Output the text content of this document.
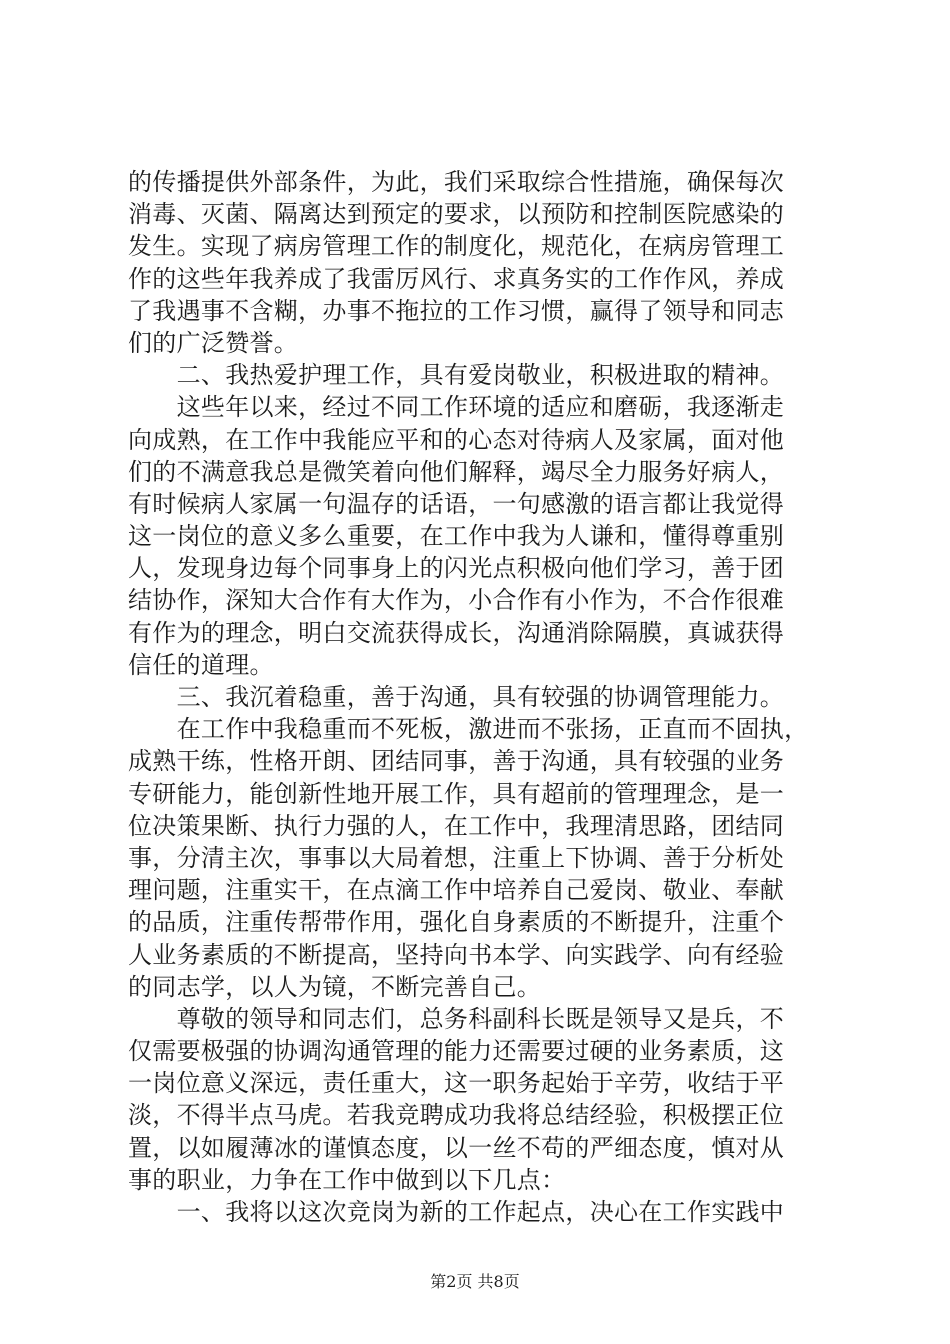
的传播提供外部条件，为此，我们采取综合性措施，确保每次
消毒、灭菌、隔离达到预定的要求，以预防和控制医院感染的
发生。实现了病房管理工作的制度化，规范化，在病房管理工
作的这些年我养成了我雷厉风行、求真务实的工作作风，养成
了我遇事不含糊，办事不拖拉的工作习惯，赢得了领导和同志
们的广泛赞誉。
　　二、我热爱护理工作，具有爱岗敬业，积极进取的精神。
　　这些年以来，经过不同工作环境的适应和磨砺，我逐渐走
向成熟，在工作中我能应平和的心态对待病人及家属，面对他
们的不满意我总是微笑着向他们解释，竭尽全力服务好病人，
有时候病人家属一句温存的话语，一句感激的语言都让我觉得
这一岗位的意义多么重要，在工作中我为人谦和，懂得尊重别
人，发现身边每个同事身上的闪光点积极向他们学习，善于团
结协作，深知大合作有大作为，小合作有小作为，不合作很难
有作为的理念，明白交流获得成长，沟通消除隔膜，真诚获得
信任的道理。
　　三、我沉着稳重，善于沟通，具有较强的协调管理能力。
　　在工作中我稳重而不死板，激进而不张扬，正直而不固执，
成熟干练，性格开朗、团结同事，善于沟通，具有较强的业务
专研能力，能创新性地开展工作，具有超前的管理理念，是一
位决策果断、执行力强的人，在工作中，我理清思路，团结同
事，分清主次，事事以大局着想，注重上下协调、善于分析处
理问题，注重实干，在点滴工作中培养自己爱岗、敬业、奉献
的品质，注重传帮带作用，强化自身素质的不断提升，注重个
人业务素质的不断提高，坚持向书本学、向实践学、向有经验
的同志学，以人为镜，不断完善自己。
　　尊敬的领导和同志们，总务科副科长既是领导又是兵，不
仅需要极强的协调沟通管理的能力还需要过硬的业务素质，这
一岗位意义深远，责任重大，这一职务起始于辛劳，收结于平
淡，不得半点马虎。若我竞聘成功我将总结经验，积极摆正位
置，以如履薄冰的谨慎态度，以一丝不苟的严细态度，慎对从
事的职业，力争在工作中做到以下几点：
　　一、我将以这次竞岗为新的工作起点，决心在工作实践中
第2页 共8页
